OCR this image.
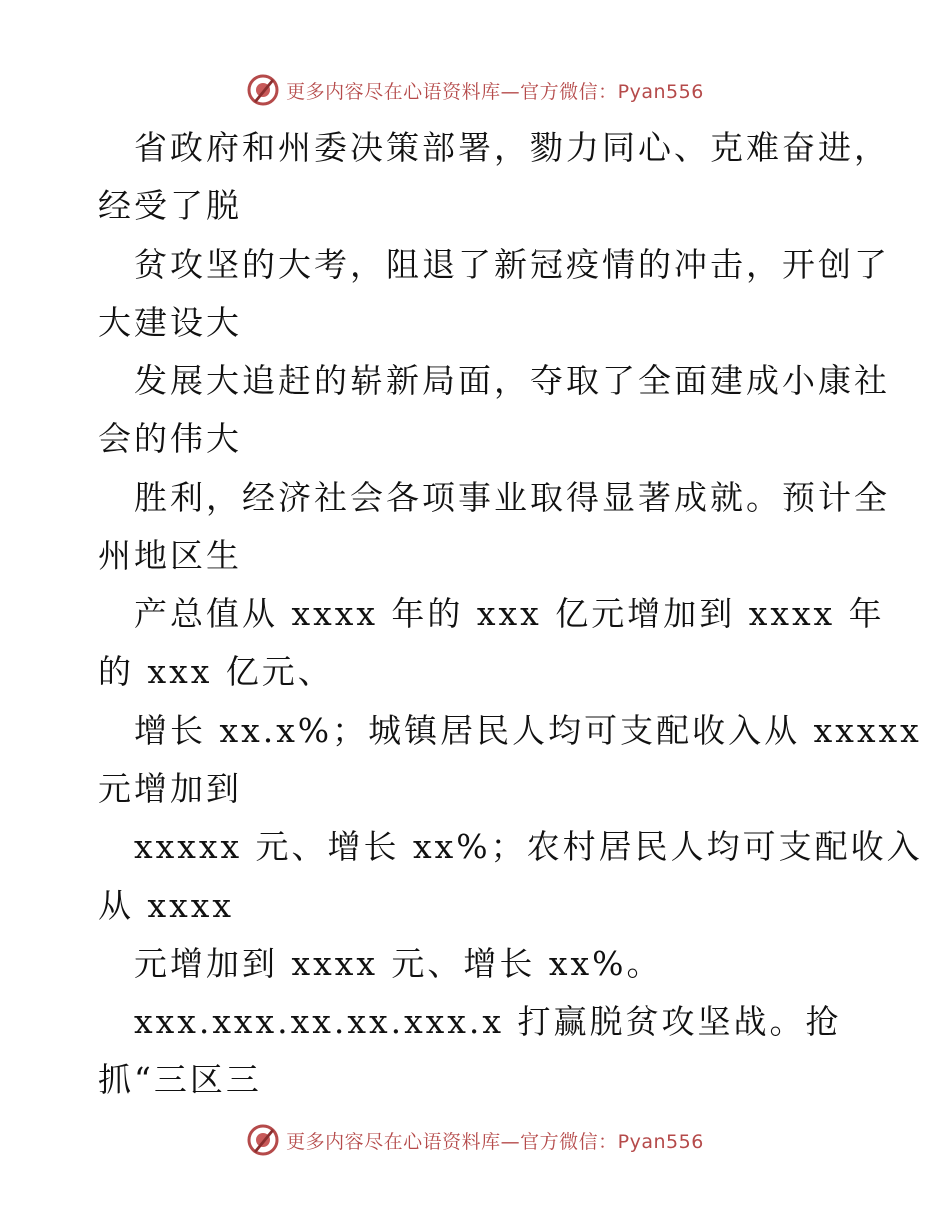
更多内容尽在心语资料库—官方微信：Pyan556
省政府和州委决策部署，勠力同心、克难奋进，
经受了脱
贫攻坚的大考，阻退了新冠疫情的冲击，开创了
大建设大
发展大追赶的崭新局面，夺取了全面建成小康社
会的伟大
胜利，经济社会各项事业取得显著成就。预计全
州地区生
产总值从 xxxx 年的 xxx 亿元增加到 xxxx 年
的 xxx 亿元、
增长 xx.x%；城镇居民人均可支配收入从 xxxxx
元增加到
xxxxx 元、增长 xx%；农村居民人均可支配收入
从 xxxx
元增加到 xxxx 元、增长 xx%。
xxx.xxx.xx.xx.xxx.x 打赢脱贫攻坚战。抢
抓“三区三
更多内容尽在心语资料库—官方微信：Pyan556
